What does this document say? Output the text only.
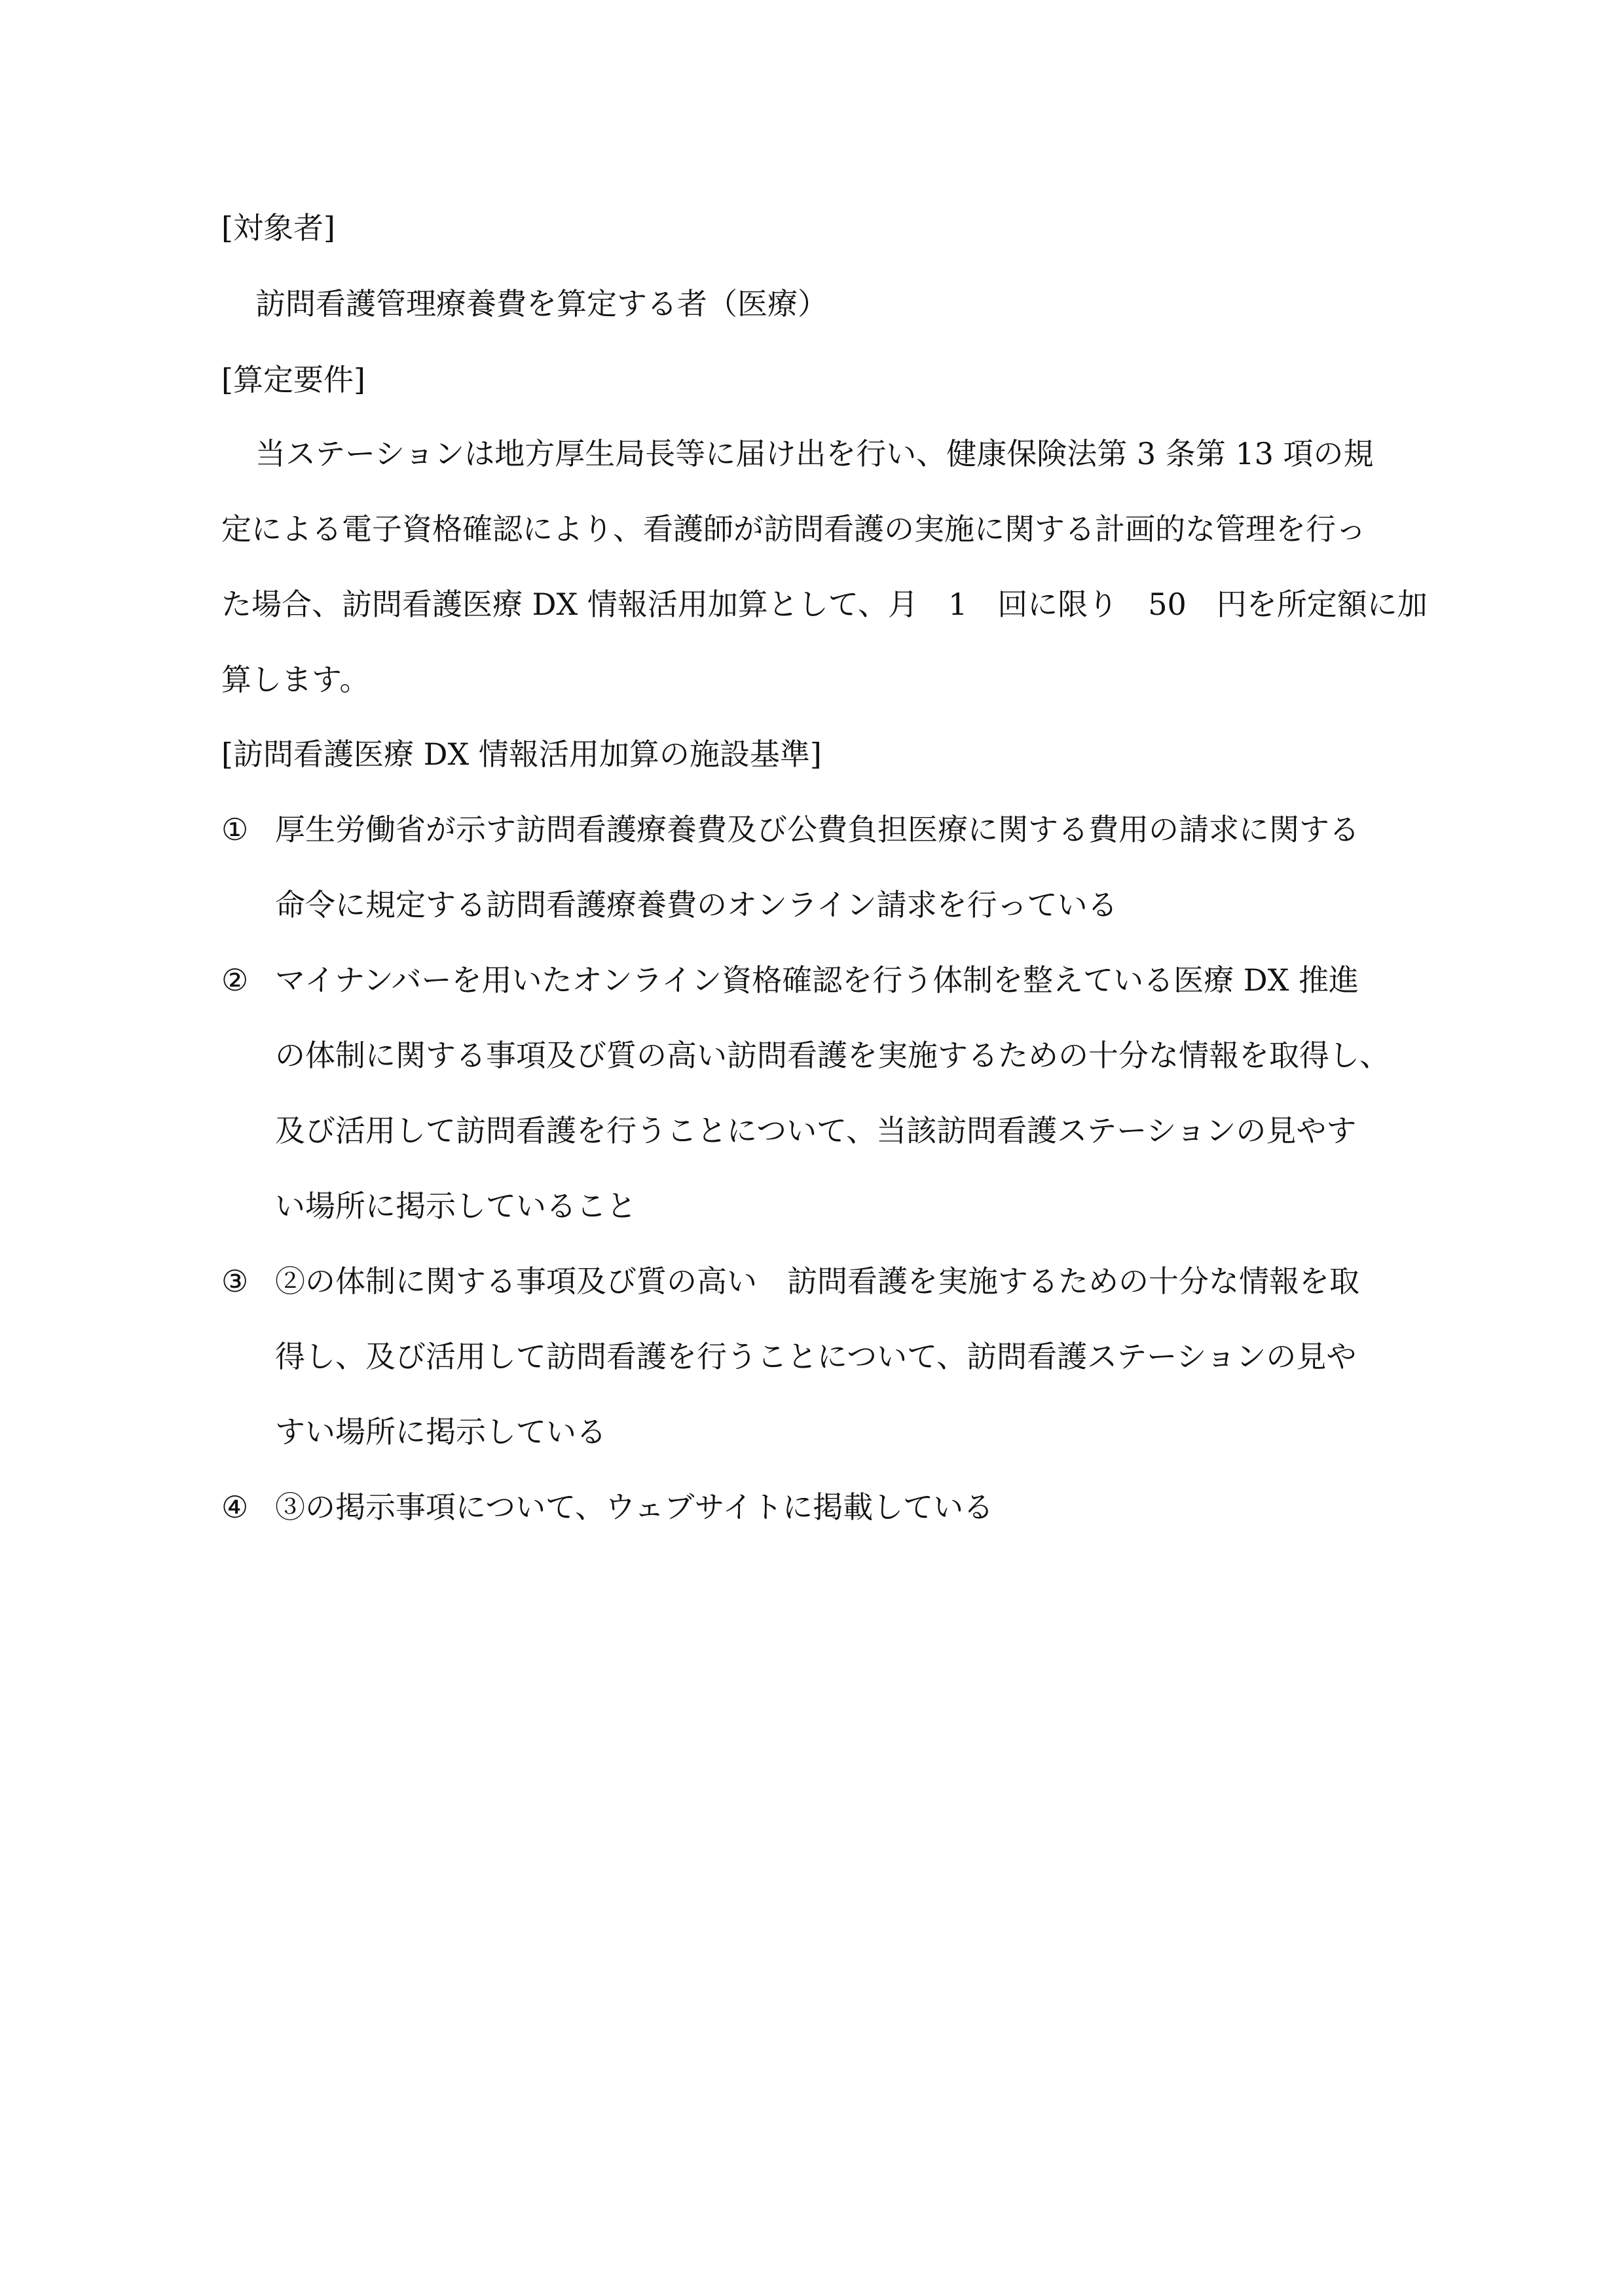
[対象者]
訪問看護管理療養費を算定する者（医療）
[算定要件]
当ステーションは地方厚生局長等に届け出を行い、健康保険法第 3 条第 13 項の規
定による電子資格確認により、看護師が訪問看護の実施に関する計画的な管理を行っ
た場合、訪問看護医療 DX 情報活用加算として、月　1　回に限り　50　円を所定額に加
算します。
[訪問看護医療 DX 情報活用加算の施設基準]
① 厚生労働省が示す訪問看護療養費及び公費負担医療に関する費用の請求に関する
命令に規定する訪問看護療養費のオンライン請求を行っている
② マイナンバーを用いたオンライン資格確認を行う体制を整えている医療 DX 推進
の体制に関する事項及び質の高い訪問看護を実施するための十分な情報を取得し、
及び活用して訪問看護を行うことについて、当該訪問看護ステーションの見やす
い場所に掲示していること
③ ②の体制に関する事項及び質の高い　訪問看護を実施するための十分な情報を取
得し、及び活用して訪問看護を行うことについて、訪問看護ステーションの見や
すい場所に掲示している
④ ③の掲示事項について、ウェブサイトに掲載している
